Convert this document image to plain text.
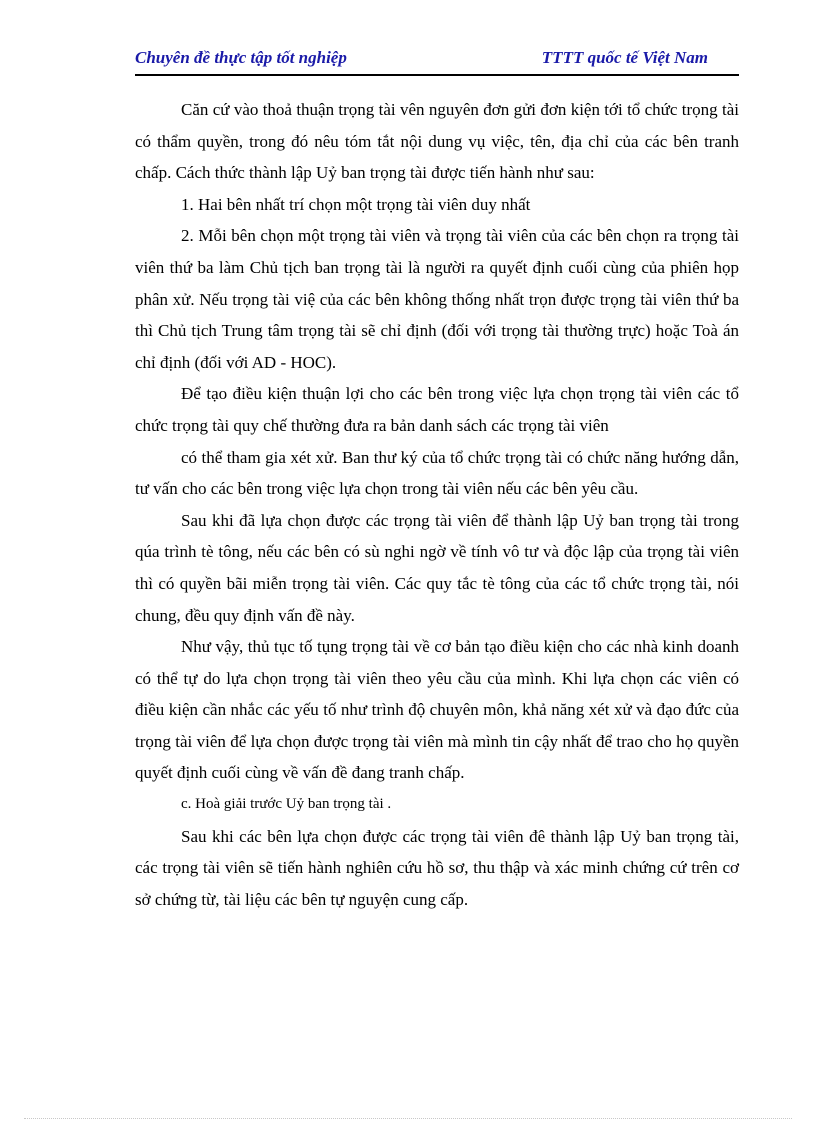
Chuyên đề thực tập tốt nghiệp	TTTT quốc tế Việt Nam

Căn cứ vào thoả thuận trọng tài vên nguyên đơn gửi đơn kiện tới tổ chức trọng tài có thẩm quyền, trong đó nêu tóm tắt nội dung vụ việc, tên, địa chỉ của các bên tranh chấp. Cách thức thành lập Uỷ ban trọng tài được tiến hành như sau:

1. Hai bên nhất trí chọn một trọng tài viên duy nhất

2. Mỗi bên chọn một trọng tài viên và trọng tài viên của các bên chọn ra trọng tài viên thứ ba làm Chủ tịch ban trọng tài là người ra quyết định cuối cùng của phiên họp phân xử. Nếu trọng tài việ của các bên không thống nhất trọn được trọng tài viên thứ ba thì Chủ tịch Trung tâm trọng tài sẽ chỉ định (đối với trọng tài thường trực) hoặc Toà án chỉ định (đối với AD - HOC).

Để tạo điều kiện thuận lợi cho các bên trong việc lựa chọn trọng tài viên các tổ chức trọng tài quy chế thường đưa ra bản danh sách các trọng tài viên

có thể tham gia xét xử. Ban thư ký của tổ chức trọng tài có chức năng hướng dẫn, tư vấn cho các bên trong việc lựa chọn trong tài viên nếu các bên yêu cầu.

Sau khi đã lựa chọn được các trọng tài viên để thành lập Uỷ ban trọng tài trong qúa trình tè tông, nếu các bên có sù nghi ngờ về tính vô tư và độc lập của trọng tài viên thì có quyền bãi miễn trọng tài viên. Các quy tắc tè tông của các tổ chức trọng tài, nói chung, đều quy định vấn đề này.

Như vậy, thủ tục tố tụng trọng tài về cơ bản tạo điều kiện cho các nhà kinh doanh có thể tự do lựa chọn trọng tài viên theo yêu cầu của mình. Khi lựa chọn các viên có điều kiện cần nhắc các yếu tố như trình độ chuyên môn, khả năng xét xử và đạo đức của trọng tài viên để lựa chọn được trọng tài viên mà mình tin cậy nhất để trao cho họ quyền quyết định cuối cùng về vấn đề đang tranh chấp.

c. Hoà giải trước Uỷ ban trọng tài .

Sau khi các bên lựa chọn được các trọng tài viên đê thành lập Uỷ ban trọng tài, các trọng tài viên sẽ tiến hành nghiên cứu hồ sơ, thu thập và xác minh chứng cứ trên cơ sở chứng từ, tài liệu các bên tự nguyện cung cấp.
